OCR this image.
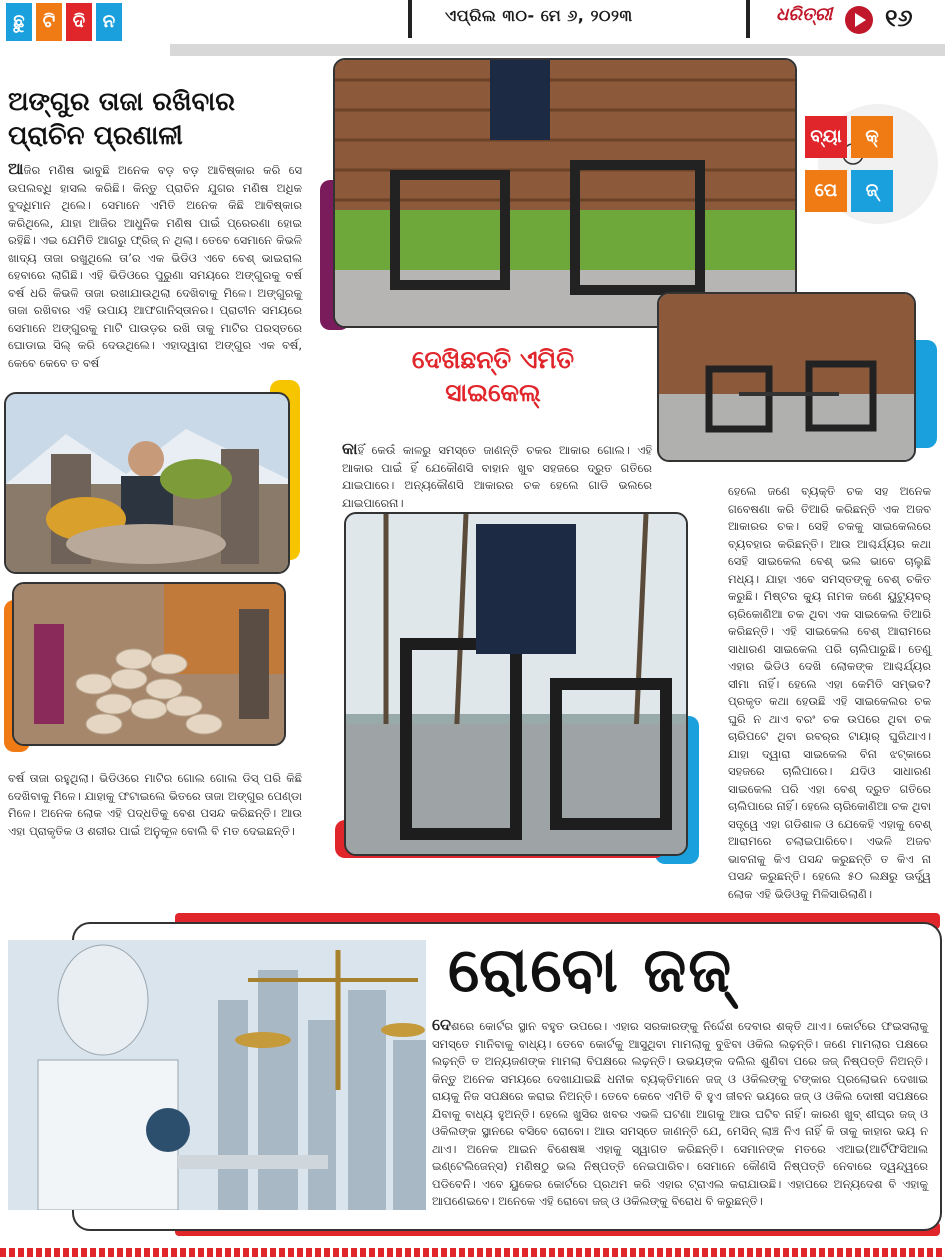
ଛୁ	ଟି ଦି ନ	ଏପ୍ରିଲ ୩୦- ମେ ୬, ୨୦୨୩	ଧରିତ୍ରୀ ୧୬
ଅଙ୍ଗୁର ତାଜା ରଖିବାର
ପ୍ରାଚିନ ପ୍ରଣାଳୀ

ଆଜିର ମଣିଷ ଭାବୁଛି ଅନେକ ବଡ଼ ବଡ଼ ଆବିଷ୍କାର କରି ସେ ଉପଲବ୍ଧି ହାସଲ କରିଛି। କିନ୍ତୁ ପ୍ରାଚିନ ଯୁଗର ମଣିଷ ଅଧିକ ବୁଦ୍ଧିମାନ ଥିଲେ। ସେମାନେ ଏମିତି ଅନେକ କିଛି ଆବିଷ୍କାର କରିଥିଲେ, ଯାହା ଆଜିର ଆଧୁନିକ ମଣିଷ ପାଇଁ ପ୍ରେରଣା ହୋଇ ରହିଛି। ଏଇ ଯେମିତି ଆଗରୁ ଫ୍ରିଜ୍ ନ ଥିଲା। ତେବେ ସେମାନେ କିଭଳି ଖାଦ୍ୟ ତାଜା ରଖୁଥିଲେ ତା’ର ଏକ ଭିଡିଓ ଏବେ ବେଶ୍ ଭାଇରାଲ ହେବାରେ ଲାଗିଛି। ଏହି ଭିଡିଓରେ ପୁରୁଣା ସମୟରେ ଅଙ୍ଗୁରକୁ ବର୍ଷ ବର୍ଷ ଧରି କିଭଳି ତାଜା ରଖାଯାଉଥିଲା ଦେଖିବାକୁ ମିଳେ। ଅଙ୍ଗୁରକୁ ତାଜା ରଖିବାର ଏହି ଉପାୟ ଆଫଗାନିସ୍ତାନର। ପ୍ରାଚୀନ ସମୟରେ ସେମାନେ ଅଙ୍ଗୁରକୁ ମାଟି ପାଉଡ଼ର ରଖି ତାକୁ ମାଟିର ପରସ୍ତରେ ଘୋଡାଇ ସିଲ୍ କରି ଦେଉଥିଲେ। ଏହାଦ୍ୱାରା ଅଙ୍ଗୁର ଏକ ବର୍ଷ, କେବେ କେବେ ତ ବର୍ଷ

ବର୍ଷ ତାଜା ରହୁଥିଲା। ଭିଡିଓରେ ମାଟିର ଗୋଲ ଗୋଲ ଡିସ୍ ପରି କିଛି ଦେଖିବାକୁ ମିଳେ। ଯାହାକୁ ଫଟାଇଲେ ଭିତରେ ତାଜା ଅଙ୍ଗୁର ପେଣ୍ଡା ମିଳେ। ଅନେକ ଲୋକ ଏହି ପଦ୍ଧତିକୁ ବେଶ ପସନ୍ଦ କରିଛନ୍ତି। ଆଉ ଏହା ପ୍ରାକୃତିକ ଓ ଶରୀର ପାଇଁ ଅନୁକୂଳ ବୋଲି ବି ମତ ଦେଇଛନ୍ତି।

ବ୍ୟା	କ୍
ପେ	ଜ୍
ଦେଖିଛନ୍ତି ଏମିତି
ସାଇକେଲ୍

କାହିଁ କେଉଁ କାଳରୁ ସମସ୍ତେ ଜାଣନ୍ତି ଚକର ଆକାର ଗୋଲ। ଏହି ଆକାର ପାଇଁ ହିଁ ଯେକୌଣସି ବାହାନ ଖୁବ ସହଜରେ ଦ୍ରୁତ ଗତିରେ ଯାଇପାରେ। ଅନ୍ୟକୌଣସି ଆକାରର ଚକ ହେଲେ ଗାଡି ଭଲରେ ଯାଇପାରେନା।

ହେଲେ ଜଣେ ବ୍ୟକ୍ତି ଚକ ସହ ଅନେକ ଗବେଷଣା କରି ତିଆରି କରିଛନ୍ତି ଏକ ଅଜବ ଆକାରର ଚକ। ସେହି ଚକକୁ ସାଇକେଲରେ ବ୍ୟବହାର କରିଛନ୍ତି। ଆଉ ଆଶ୍ଚର୍ଯ୍ୟର କଥା ସେହି ସାଇକେଲ ବେଶ୍ ଭଲ ଭାବେ ଚାଲୁଛି ମଧ୍ୟ। ଯାହା ଏବେ ସମସ୍ତଙ୍କୁ ବେଶ୍ ଚକିତ କରୁଛି। ମିଷ୍ଟର କ୍ୟୁ ନାମକ ଜଣେ ୟୁଟ୍ୟୁବର୍ ଚାରିକୋଣିଆ ଚକ ଥିବା ଏକ ସାଇକେଲ ତିଆରି କରିଛନ୍ତି। ଏହି ସାଇକେଲ ବେଶ୍ ଆରାମରେ ସାଧାରଣ ସାଇକେଲ ପରି ଚାଲିପାରୁଛି। ତେଣୁ ଏହାର ଭିଡିଓ ଦେଖି ଲୋକଙ୍କ ଆଶ୍ଚର୍ଯ୍ୟର ସୀମା ନାହିଁ। ହେଲେ ଏହା କେମିତି ସମ୍ଭବ? ପ୍ରକୃତ କଥା ହେଉଛି ଏହି ସାଇକେଲର ଚକ ଘୁରି ନ ଥାଏ ବରଂ ଚକ ଉପରେ ଥିବା ଚକ ଚାରିପଟେ ଥିବା ରବର୍‌ର ଟାୟାର୍ ଘୁରିଥାଏ। ଯାହା ଦ୍ୱାରା ସାଇକେଲ ବିନା ଝଟ୍‌କାରେ ସହଜରେ ଚାଲିପାରେ। ଯଦିଓ ସାଧାରଣ ସାଇକେଲ ପରି ଏହା ବେଶ୍ ଦ୍ରୁତ ଗତିରେ ଚାଲିପାରେ ନାହିଁ। ହେଲେ ଚାରିକୋଣିଆ ଚକ ଥିବା ସତ୍ତ୍ୱେ ଏହା ଗଡିଶାଳ ଓ ଯେକେହି ଏହାକୁ ବେଶ୍ ଆରାମରେ ଚଲାଇପାରିବେ। ଏଭଳି ଅଜବ ଭାବନାକୁ କିଏ ପସନ୍ଦ କରୁଛନ୍ତି ତ କିଏ ନା ପସନ୍ଦ କରୁଛନ୍ତି। ହେଲେ ୫୦ ଲକ୍ଷରୁ ଊର୍ଦ୍ଧ୍ୱ ଲୋକ ଏହି ଭିଡିଓକୁ ମିଳିସାରିଲାଣି।

ରୋବୋ ଜଜ୍

ଦେଶରେ କୋର୍ଟର ସ୍ଥାନ ବହୁତ ଉପରେ। ଏହାର ସରକାରଙ୍କୁ ନିର୍ଦ୍ଦେଶ ଦେବାର ଶକ୍ତି ଥାଏ। କୋର୍ଟରେ ଫଇସଲାକୁ ସମସ୍ତେ ମାନିବାକୁ ବାଧ୍ୟ। ତେବେ କୋର୍ଟକୁ ଆସୁଥିବା ମାମଲାକୁ ବୁଝିବା ଓକିଲ ଲଢ଼ନ୍ତି। ଜଣେ ମାମଲାର ପକ୍ଷରେ ଲଢ଼ନ୍ତି ତ ଅନ୍ୟଜଣଙ୍କ ମାମଲା ବିପକ୍ଷରେ ଲଢ଼ନ୍ତି। ଉଭୟଙ୍କ ଦଲିଲ ଶୁଣିବା ପରେ ଜଜ୍ ନିଷ୍ପତ୍ତି ନିଅନ୍ତି। କିନ୍ତୁ ଅନେକ ସମୟରେ ଦେଖାଯାଇଛି ଧନୀକ ବ୍ୟକ୍ତିମାନେ ଜଜ୍ ଓ ଓକିଲଙ୍କୁ ଟଙ୍କାର ପ୍ରଲୋଭନ ଦେଖାଇ ରାୟକୁ ନିଜ ସପକ୍ଷରେ କରାଇ ନିଅନ୍ତି। ତେବେ କେବେ ଏମିତି ବି ହୁଏ ଜୀବନ ଭୟରେ ଜଜ୍ ଓ ଓକିଲ ଦୋଷୀ ସପକ୍ଷରେ ଯିବାକୁ ବାଧ୍ୟ ହୁଅନ୍ତି। ହେଲେ ଖୁସିର ଖବର ଏଭଳି ଘଟଣା ଆଗକୁ ଆଉ ଘଟିବ ନାହିଁ। କାରଣ ଖୁବ୍ ଶୀଘ୍ର ଜଜ୍ ଓ ଓକିଲଙ୍କ ସ୍ଥାନରେ ବସିବେ ରୋବୋ। ଆଉ ସମସ୍ତେ ଜାଣନ୍ତି ଯେ, ମେସିନ୍ ଲାଞ୍ଚ ନିଏ ନାହିଁ କି ତାକୁ କାହାର ଭୟ ନ ଥାଏ। ଅନେକ ଆଇନ ବିଶେଷଜ୍ଞ ଏହାକୁ ସ୍ୱାଗତ କରିଛନ୍ତି। ସେମାନଙ୍କ ମତରେ ଏଆଇ(ଆର୍ଟିଫିସିଆଲ ଇଣ୍ଟେଲିଜେନ୍ସ) ମଣିଷଠୁ ଭଲ ନିଷ୍ପତ୍ତି ନେଇପାରିବ। ସେମାନେ କୌଣସି ନିଷ୍ପତ୍ତି ନେବାରେ ଦ୍ୱନ୍ଦ୍ୱରେ ପଡିବେନି। ଏବେ ୟୁକେର କୋର୍ଟରେ ପ୍ରଥମ କରି ଏହାର ଟ୍ରାଏଲ କରାଯାଉଛି। ଏହାପରେ ଅନ୍ୟଦେଶ ବି ଏହାକୁ ଆପଣେଇବେ। ଅନେକେ ଏହି ରୋବୋ ଜଜ୍ ଓ ଓକିଲଙ୍କୁ ବିରୋଧ ବି କରୁଛନ୍ତି।
